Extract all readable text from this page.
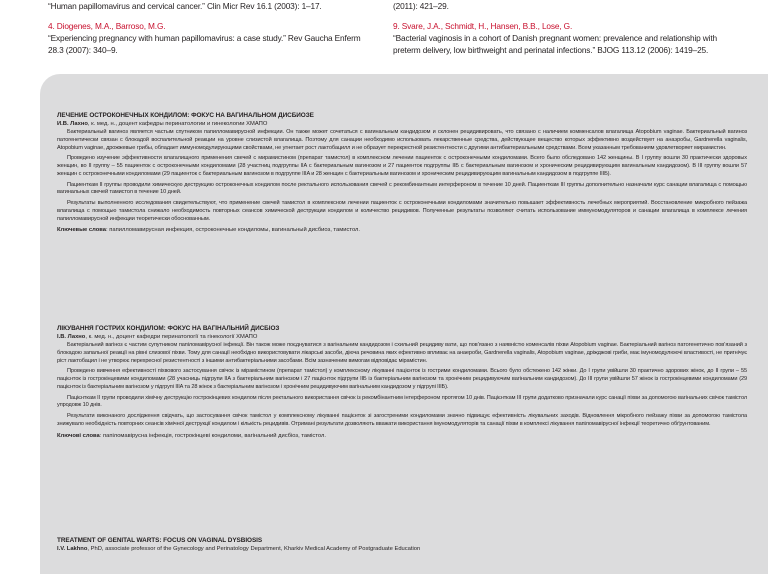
“Human papillomavirus and cervical cancer.” Clin Micr Rev 16.1 (2003): 1–17.	(2011): 421–29.
4. Diogenes, M.A., Barroso, M.G.
“Experiencing pregnancy with human papillomavirus: a case study.” Rev Gaucha Enferm 28.3 (2007): 340–9.
9. Svare, J.A., Schmidt, H., Hansen, B.B., Lose, G.
“Bacterial vaginosis in a cohort of Danish pregnant women: prevalence and relationship with preterm delivery, low birthweight and perinatal infections.” BJOG 113.12 (2006): 1419–25.

ЛЕЧЕНИЕ ОСТРОКОНЕЧНЫХ КОНДИЛОМ: ФОКУС НА ВАГИНАЛЬНОМ ДИСБИОЗЕ

И.В. Лахно, к. мед. н., доцент кафедры перинатологии и гинекологии ХМАПО

Бактериальный вагиноз является частым спутником папилломавирусной инфекции. Он также может сочетаться с вагинальным кандидозом и склонен рецидивировать, что связано с наличием комменсалов влагалища Atopobium vaginae. Бактериальный вагиноз патогенетически связан с блокадой воспалительной реакции на уровне слизистой влагалища. Поэтому для санации необходимо использовать лекарственные средства, действующее вещество которых эффективно воздействует на анаэробы, Gardnerella vaginalis, Atopobium vaginae, дрожжевые грибы, обладает иммуномодулирующими свойствами, не угнетает рост лактобацилл и не образует перекрестной резистентности с другими антибактериальными средствами. Всем указанным требованиям удовлетворяет мирамистин.

Проведено изучение эффективности влагалищного применения свечей с мирамистином (препарат тамистол) в комплексном лечении пациенток с остроконечными кондиломами. Всего было обследовано 142 женщины. В I группу вошли 30 практически здоровых женщин, во II группу – 55 пациенток с остроконечными кондиломами (28 участниц подгруппы IIA с бактериальным вагинозом и 27 пациенток подгруппы IIБ с бактериальным вагинозом и хроническим рецидивирующим вагинальным кандидозом). В III группу вошли 57 женщин с остроконечными кондиломами (29 пациенток с бактериальным вагинозом в подгруппе IIIA и 28 женщин с бактериальным вагинозом и хроническим рецидивирующим вагинальным кандидозом в подгруппе IIIБ).

Пациенткам II группы проводили химическую деструкцию остроконечных кондилом после ректального использования свечей с рекомбинантным интерфероном в течение 10 дней. Пациенткам III группы дополнительно назначали курс санации влагалища с помощью вагинальных свечей тамистол в течение 10 дней.

Результаты выполненного исследования свидетельствуют, что применение свечей тамистол в комплексном лечении пациенток с остроконечными кондиломами значительно повышает эффективность лечебных мероприятий. Восстановление микробного пейзажа влагалища с помощью тамистола снижало необходимость повторных сеансов химической деструкции кондилом и количество рецидивов. Полученные результаты позволяют считать использование иммуномодуляторов и санации влагалища в комплексе лечения папилломавирусной инфекции теоретически обоснованным.

Ключевые слова: папилломавирусная инфекция, остроконечные кондиломы, вагинальный дисбиоз, тамистол.

ЛІКУВАННЯ ГОСТРИХ КОНДИЛОМ: ФОКУС НА ВАГІНАЛЬНИЙ ДИСБІОЗ

І.В. Лахно, к. мед. н., доцент кафедри перинатології та гінекології ХМАПО

Бактеріальний вагіноз є частим супутником папіломавірусної інфекції. Він також може поєднуватися з вагінальним кандидозом і схильний рецидиву вати, що пов’язано з наявністю коменсалів піхви Atopobium vaginae. Бактеріальний вагіноз патогенетично пов’язаний з блокадою запальної реакції на рівні слизової піхви. Тому для санації необхідно використовувати лікарські засоби, діюча речовина яких ефективно впливає на анаероби, Gardnerella vaginalis, Atopobium vaginae, дріжджові гриби, має імуномодулюючі властивості, не пригнічує ріст лактобацил і не утворює перехресної резистентності з іншими антибактеріальними засобами. Всім зазначеним вимогам відповідає мірамістин.

Проведено вивчення ефективності піхвового застосування свічок із мірамістином (препарат тамістол) у комплексному лікуванні пацієнток із гострими кондиломами. Всього було обстежено 142 жінки. До I групи увійшли 30 практично здорових жінок, до II групи – 55 пацієнток із гострокінцевими кондиломами (28 учасниць підгрупи IIA з бактеріальним вагінозом і 27 пацієнток підгрупи IIБ із бактеріальним вагінозом та хронічним рецидивуючим вагінальним кандидозом). До III групи увійшли 57 жінок із гострокінцевими кондиломами (29 пацієнток із бактеріальним вагінозом у підгрупі IIIA та 28 жінок з бактеріальним вагінозом і хронічним рецидивуючим вагінальним кандидозом у підгрупі IIIБ).

Пацієнткам II групи проводили хімічну деструкцію гострокінцевих кондилом після ректального використання свічок із рекомбінантним інтерфероном протягом 10 днів. Пацієнткам III групи додатково призначали курс санації піхви за допомогою вагінальних свічок тамістол упродовж 10 днів.

Результати виконаного дослідження свідчать, що застосування свічок тамістол у комплексному лікуванні пацієнток зі загостреними кондиломами значно підвищує ефективність лікувальних заходів. Відновлення мікробного пейзажу піхви за допомогою тамістола знижувало необхідність повторних сеансів хімічної деструкції кондилом і кількість рецидивів. Отримані результати дозволяють вважати використання імуномодуляторів та санації піхви в комплексі лікування папіломавірусної інфекції теоретично обґрунтованим.

Ключові слова: папіломавірусна інфекція, гострокінцеві кондиломи, вагінальний дисбіоз, тамістол.

TREATMENT OF GENITAL WARTS: FOCUS ON VAGINAL DYSBIOSIS

I.V. Lakhno, PhD, associate professor of the Gynecology and Perinatology Department, Kharkiv Medical Academy of Postgraduate Education
